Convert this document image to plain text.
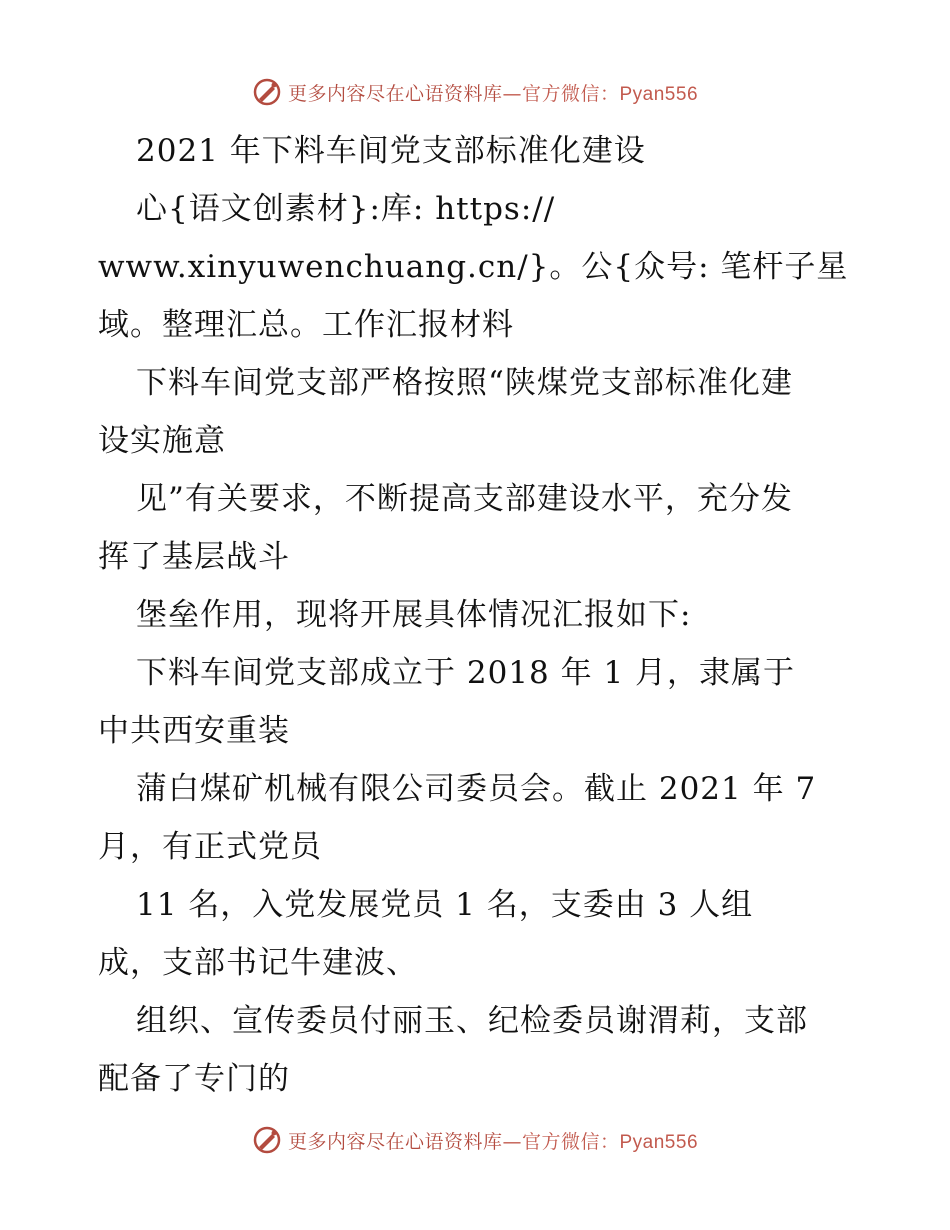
更多内容尽在心语资料库—官方微信：Pyan556
2021 年下料车间党支部标准化建设
心{语文创素材}:库: https://
www.xinyuwenchuang.cn/}。公{众号: 笔杆子星
域。整理汇总。工作汇报材料
下料车间党支部严格按照“陕煤党支部标准化建
设实施意
见”有关要求，不断提高支部建设水平，充分发
挥了基层战斗
堡垒作用，现将开展具体情况汇报如下:
下料车间党支部成立于 2018 年 1 月，隶属于
中共西安重装
蒲白煤矿机械有限公司委员会。截止 2021 年 7
月，有正式党员
11 名，入党发展党员 1 名，支委由 3 人组
成，支部书记牛建波、
组织、宣传委员付丽玉、纪检委员谢渭莉，支部
配备了专门的
更多内容尽在心语资料库—官方微信：Pyan556
